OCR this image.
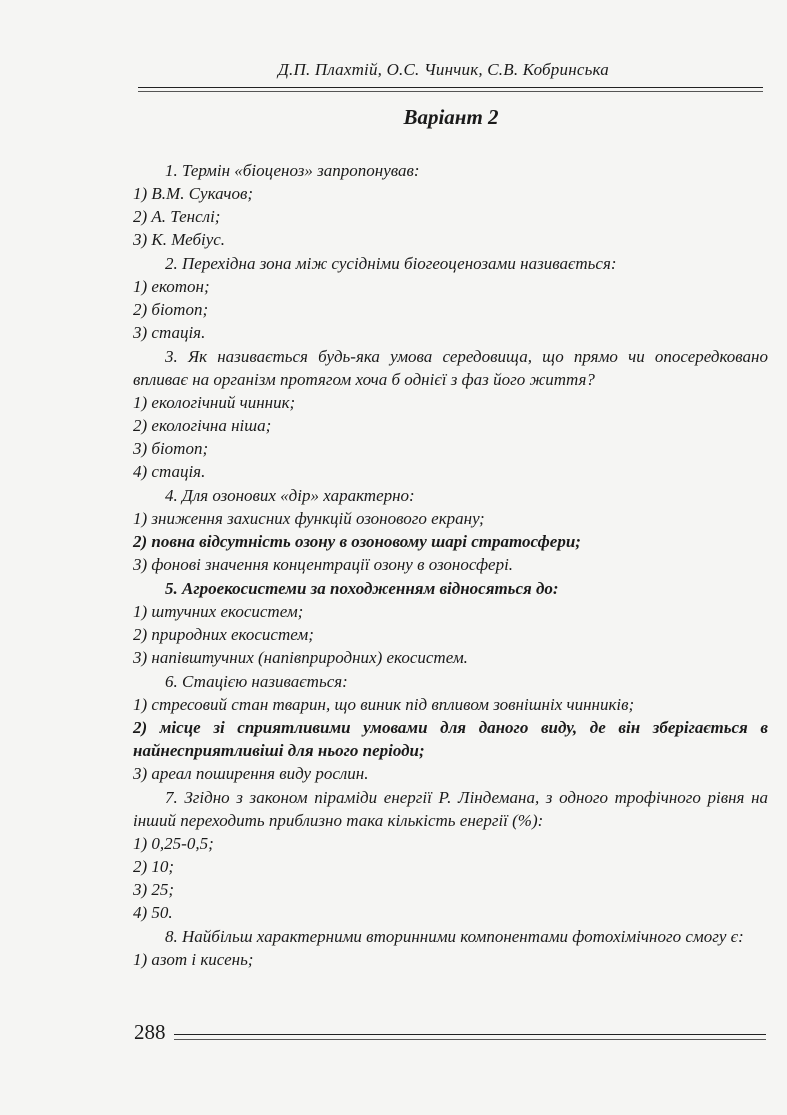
Д.П. Плахтій, О.С. Чинчик, С.В. Кобринська
Варіант 2
1. Термін «біоценоз» запропонував:
1) В.М. Сукачов;
2) А. Тенслі;
3) К. Мебіус.
2. Перехідна зона між сусідніми біогеоценозами називається:
1) екотон;
2) біотоп;
3) стація.
3. Як називається будь-яка умова середовища, що прямо чи опосередковано впливає на організм протягом хоча б однієї з фаз його життя?
1) екологічний чинник;
2) екологічна ніша;
3) біотоп;
4) стація.
4. Для озонових «дір» характерно:
1) зниження захисних функцій озонового екрану;
2) повна відсутність озону в озоновому шарі стратосфери;
3) фонові значення концентрації озону в озоносфері.
5. Агроекосистеми за походженням відносяться до:
1) штучних екосистем;
2) природних екосистем;
3) напівштучних (напівприродних) екосистем.
6. Стацією називається:
1) стресовий стан тварин, що виник під впливом зовнішніх чинників;
2) місце зі сприятливими умовами для даного виду, де він зберігається в найнесприятливіші для нього періоди;
3) ареал поширення виду рослин.
7. Згідно з законом піраміди енергії Р. Ліндемана, з одного трофічного рівня на інший переходить приблизно така кількість енергії (%):
1) 0,25-0,5;
2) 10;
3) 25;
4) 50.
8. Найбільш характерними вторинними компонентами фотохімічного смогу є:
1) азот і кисень;
288
